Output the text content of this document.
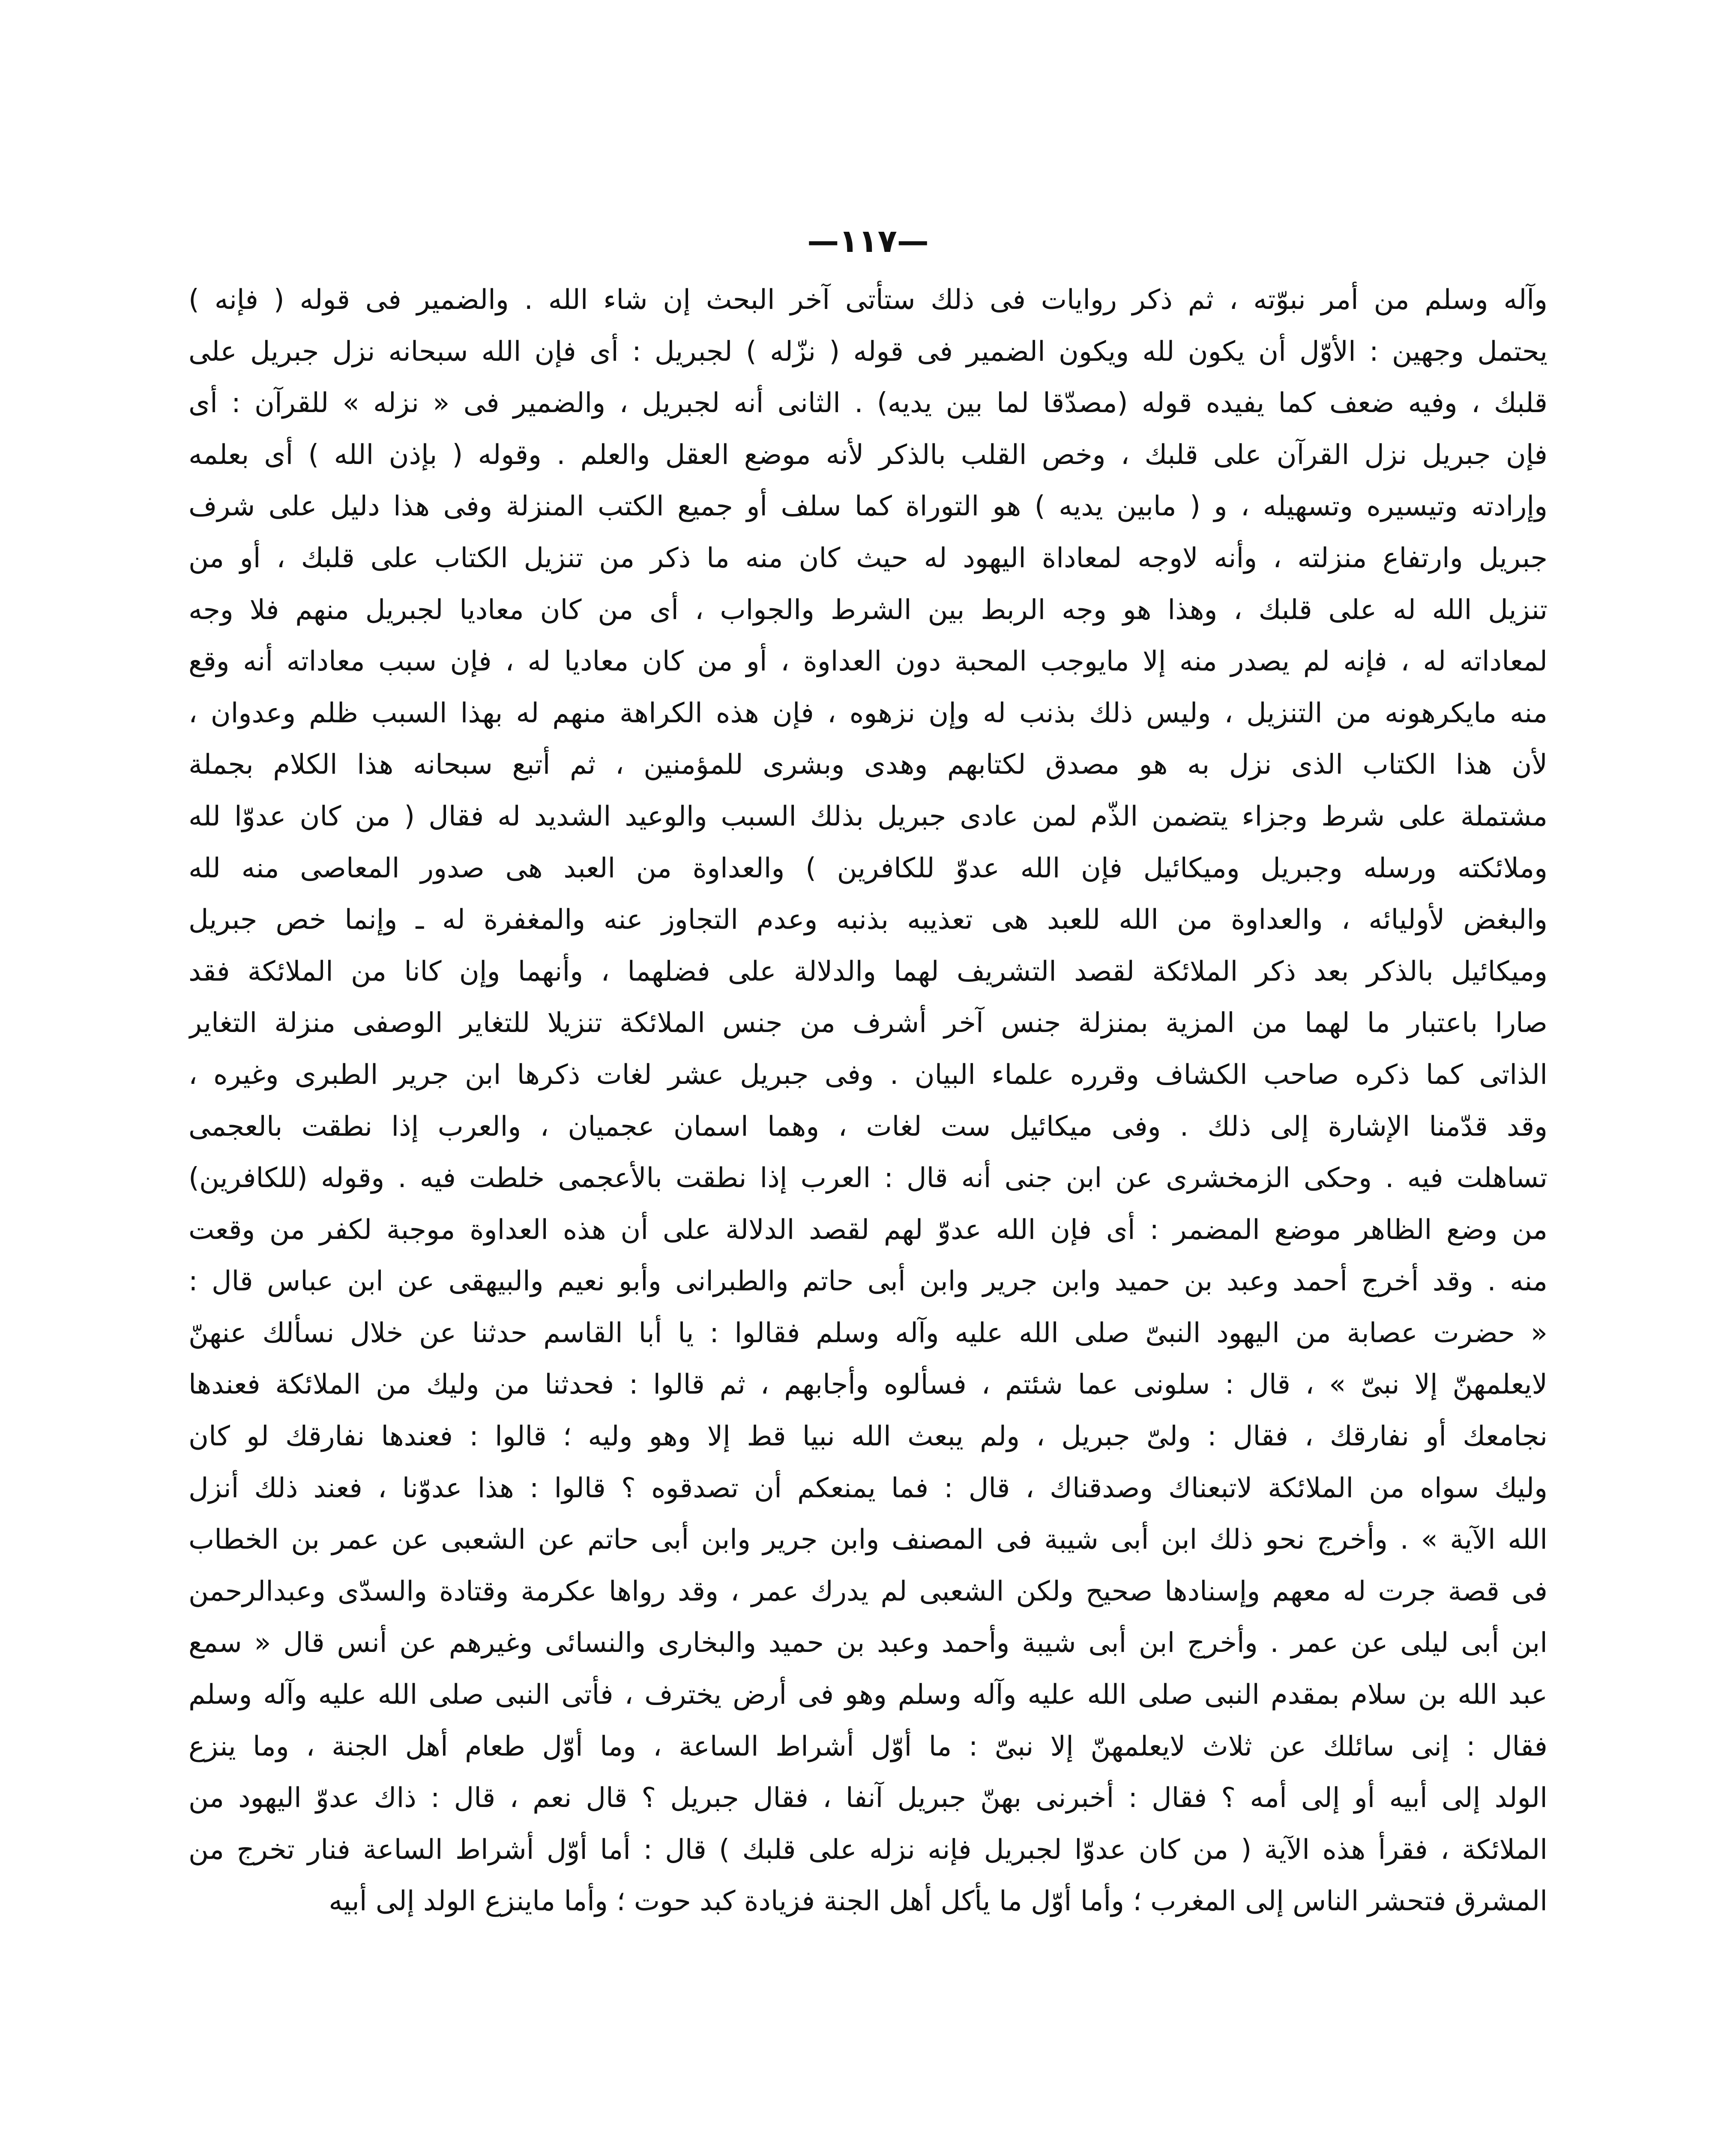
—١١٧—
وآله وسلم من أمر نبوّته ، ثم ذكر روايات فى ذلك ستأتى آخر البحث إن شاء الله . والضمير فى قوله ( فإنه )
يحتمل وجهين : الأوّل أن يكون لله ويكون الضمير فى قوله ( نزّله ) لجبريل : أى فإن الله سبحانه نزل جبريل على
قلبك ، وفيه ضعف كما يفيده قوله (مصدّقا لما بين يديه) . الثانى أنه لجبريل ، والضمير فى « نزله » للقرآن : أى
فإن جبريل نزل القرآن على قلبك ، وخص القلب بالذكر لأنه موضع العقل والعلم . وقوله ( بإذن الله ) أى بعلمه
وإرادته وتيسيره وتسهيله ، و ( مابين يديه ) هو التوراة كما سلف أو جميع الكتب المنزلة وفى هذا دليل على شرف
جبريل وارتفاع منزلته ، وأنه لاوجه لمعاداة اليهود له حيث كان منه ما ذكر من تنزيل الكتاب على قلبك ، أو من
تنزيل الله له على قلبك ، وهذا هو وجه الربط بين الشرط والجواب ، أى من كان معاديا لجبريل منهم فلا وجه
لمعاداته له ، فإنه لم يصدر منه إلا مايوجب المحبة دون العداوة ، أو من كان معاديا له ، فإن سبب معاداته أنه وقع
منه مايكرهونه من التنزيل ، وليس ذلك بذنب له وإن نزهوه ، فإن هذه الكراهة منهم له بهذا السبب ظلم وعدوان ،
لأن هذا الكتاب الذى نزل به هو مصدق لكتابهم وهدى وبشرى للمؤمنين ، ثم أتبع سبحانه هذا الكلام بجملة
مشتملة على شرط وجزاء يتضمن الذّم لمن عادى جبريل بذلك السبب والوعيد الشديد له فقال ( من كان عدوّا لله
وملائكته ورسله وجبريل وميكائيل فإن الله عدوّ للكافرين ) والعداوة من العبد هى صدور المعاصى منه لله
والبغض لأوليائه ، والعداوة من الله للعبد هى تعذيبه بذنبه وعدم التجاوز عنه والمغفرة له ـ وإنما خص جبريل
وميكائيل بالذكر بعد ذكر الملائكة لقصد التشريف لهما والدلالة على فضلهما ، وأنهما وإن كانا من الملائكة فقد
صارا باعتبار ما لهما من المزية بمنزلة جنس آخر أشرف من جنس الملائكة تنزيلا للتغاير الوصفى منزلة التغاير
الذاتى كما ذكره صاحب الكشاف وقرره علماء البيان . وفى جبريل عشر لغات ذكرها ابن جرير الطبرى وغيره ،
وقد قدّمنا الإشارة إلى ذلك . وفى ميكائيل ست لغات ، وهما اسمان عجميان ، والعرب إذا نطقت بالعجمى
تساهلت فيه . وحكى الزمخشرى عن ابن جنى أنه قال : العرب إذا نطقت بالأعجمى خلطت فيه . وقوله (للكافرين)
من وضع الظاهر موضع المضمر : أى فإن الله عدوّ لهم لقصد الدلالة على أن هذه العداوة موجبة لكفر من وقعت
منه . وقد أخرج أحمد وعبد بن حميد وابن جرير وابن أبى حاتم والطبرانى وأبو نعيم والبيهقى عن ابن عباس قال :
« حضرت عصابة من اليهود النبىّ صلى الله عليه وآله وسلم فقالوا : يا أبا القاسم حدثنا عن خلال نسألك عنهنّ
لايعلمهنّ إلا نبىّ » ، قال : سلونى عما شئتم ، فسألوه وأجابهم ، ثم قالوا : فحدثنا من وليك من الملائكة فعندها
نجامعك أو نفارقك ، فقال : ولىّ جبريل ، ولم يبعث الله نبيا قط إلا وهو وليه ؛ قالوا : فعندها نفارقك لو كان
وليك سواه من الملائكة لاتبعناك وصدقناك ، قال : فما يمنعكم أن تصدقوه ؟ قالوا : هذا عدوّنا ، فعند ذلك أنزل
الله الآية » . وأخرج نحو ذلك ابن أبى شيبة فى المصنف وابن جرير وابن أبى حاتم عن الشعبى عن عمر بن الخطاب
فى قصة جرت له معهم وإسنادها صحيح ولكن الشعبى لم يدرك عمر ، وقد رواها عكرمة وقتادة والسدّى وعبدالرحمن
ابن أبى ليلى عن عمر . وأخرج ابن أبى شيبة وأحمد وعبد بن حميد والبخارى والنسائى وغيرهم عن أنس قال « سمع
عبد الله بن سلام بمقدم النبى صلى الله عليه وآله وسلم وهو فى أرض يخترف ، فأتى النبى صلى الله عليه وآله وسلم
فقال : إنى سائلك عن ثلاث لايعلمهنّ إلا نبىّ : ما أوّل أشراط الساعة ، وما أوّل طعام أهل الجنة ، وما ينزع
الولد إلى أبيه أو إلى أمه ؟ فقال : أخبرنى بهنّ جبريل آنفا ، فقال جبريل ؟ قال نعم ، قال : ذاك عدوّ اليهود من
الملائكة ، فقرأ هذه الآية ( من كان عدوّا لجبريل فإنه نزله على قلبك ) قال : أما أوّل أشراط الساعة فنار تخرج من
المشرق فتحشر الناس إلى المغرب ؛ وأما أوّل ما يأكل أهل الجنة فزيادة كبد حوت ؛ وأما ماينزع الولد إلى أبيه
